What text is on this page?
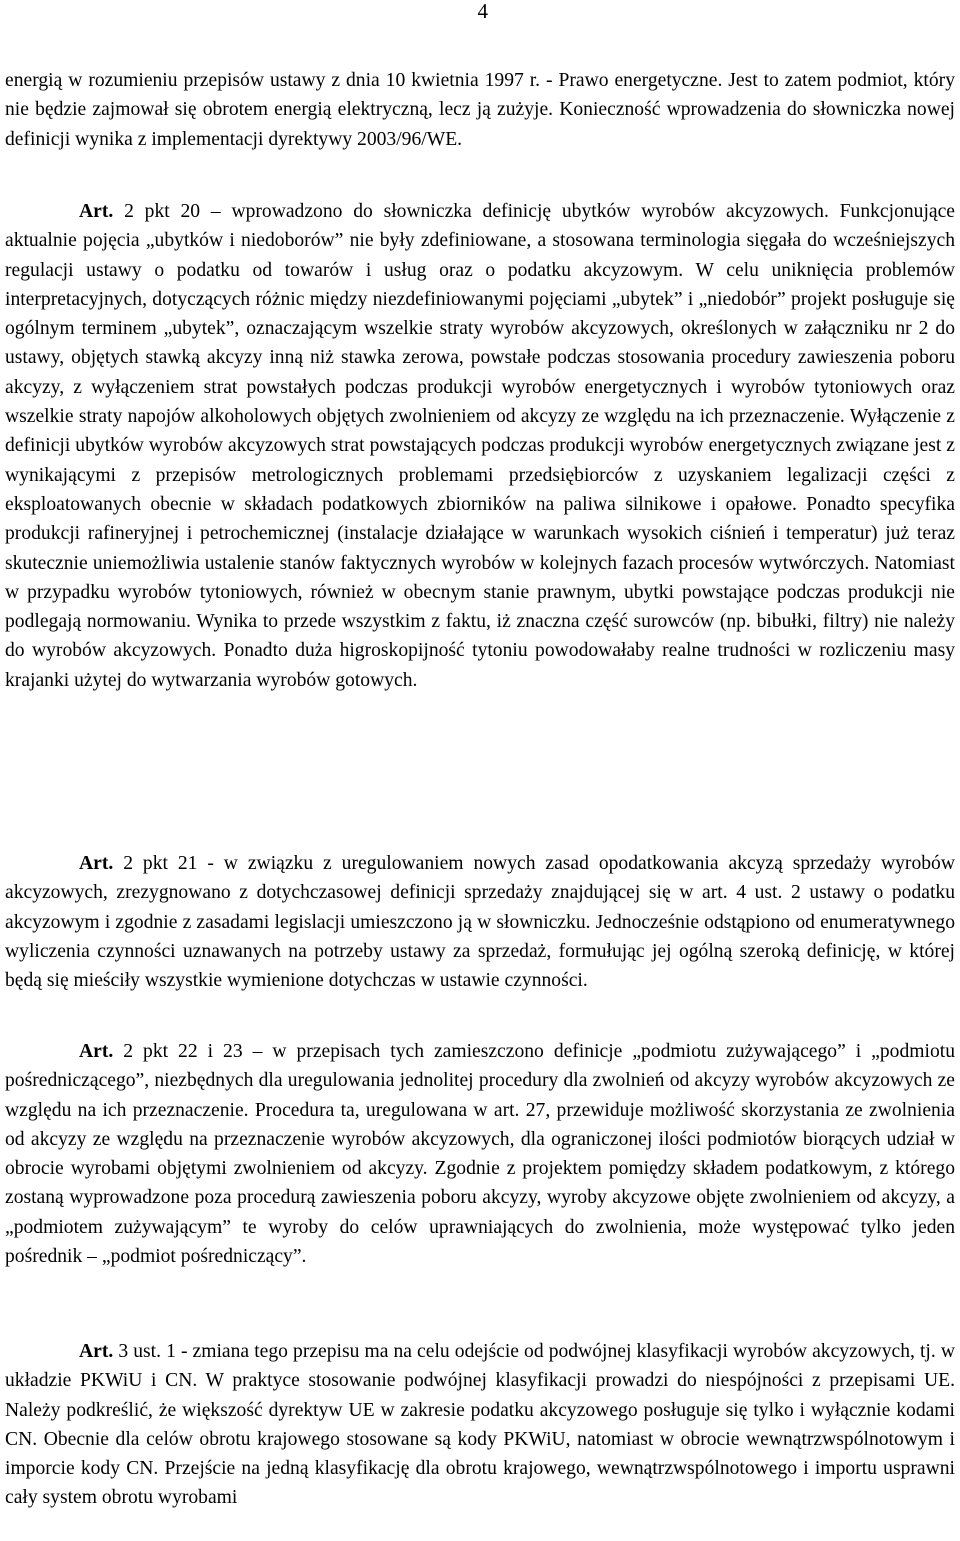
4

energią w rozumieniu przepisów ustawy z dnia 10 kwietnia 1997 r. - Prawo energetyczne. Jest to zatem podmiot, który nie będzie zajmował się obrotem energią elektryczną, lecz ją zużyje. Konieczność wprowadzenia do słowniczka nowej definicji wynika z implementacji dyrektywy 2003/96/WE.

Art. 2 pkt 20 – wprowadzono do słowniczka definicję ubytków wyrobów akcyzowych. Funkcjonujące aktualnie pojęcia „ubytków i niedoborów” nie były zdefiniowane, a stosowana terminologia sięgała do wcześniejszych regulacji ustawy o podatku od towarów i usług oraz o podatku akcyzowym. W celu uniknięcia problemów interpretacyjnych, dotyczących różnic między niezdefiniowanymi pojęciami „ubytek” i „niedobór” projekt posługuje się ogólnym terminem „ubytek”, oznaczającym wszelkie straty wyrobów akcyzowych, określonych w załączniku nr 2 do ustawy, objętych stawką akcyzy inną niż stawka zerowa, powstałe podczas stosowania procedury zawieszenia poboru akcyzy, z wyłączeniem strat powstałych podczas produkcji wyrobów energetycznych i wyrobów tytoniowych oraz wszelkie straty napojów alkoholowych objętych zwolnieniem od akcyzy ze względu na ich przeznaczenie. Wyłączenie z definicji ubytków wyrobów akcyzowych strat powstających podczas produkcji wyrobów energetycznych związane jest z wynikającymi z przepisów metrologicznych problemami przedsiębiorców z uzyskaniem legalizacji części z eksploatowanych obecnie w składach podatkowych zbiorników na paliwa silnikowe i opałowe. Ponadto specyfika produkcji rafineryjnej i petrochemicznej (instalacje działające w warunkach wysokich ciśnień i temperatur) już teraz skutecznie uniemożliwia ustalenie stanów faktycznych wyrobów w kolejnych fazach procesów wytwórczych. Natomiast w przypadku wyrobów tytoniowych, również w obecnym stanie prawnym, ubytki powstające podczas produkcji nie podlegają normowaniu. Wynika to przede wszystkim z faktu, iż znaczna część surowców (np. bibułki, filtry) nie należy do wyrobów akcyzowych. Ponadto duża higroskopijność tytoniu powodowałaby realne trudności w rozliczeniu masy krajanki użytej do wytwarzania wyrobów gotowych.

Art. 2 pkt 21 - w związku z uregulowaniem nowych zasad opodatkowania akcyzą sprzedaży wyrobów akcyzowych, zrezygnowano z dotychczasowej definicji sprzedaży znajdującej się w art. 4 ust. 2 ustawy o podatku akcyzowym i zgodnie z zasadami legislacji umieszczono ją w słowniczku. Jednocześnie odstąpiono od enumeratywnego wyliczenia czynności uznawanych na potrzeby ustawy za sprzedaż, formułując jej ogólną szeroką definicję, w której będą się mieściły wszystkie wymienione dotychczas w ustawie czynności.

Art. 2 pkt 22 i 23 – w przepisach tych zamieszczono definicje „podmiotu zużywającego” i „podmiotu pośredniczącego”, niezbędnych dla uregulowania jednolitej procedury dla zwolnień od akcyzy wyrobów akcyzowych ze względu na ich przeznaczenie. Procedura ta, uregulowana w art. 27, przewiduje możliwość skorzystania ze zwolnienia od akcyzy ze względu na przeznaczenie wyrobów akcyzowych, dla ograniczonej ilości podmiotów biorących udział w obrocie wyrobami objętymi zwolnieniem od akcyzy. Zgodnie z projektem pomiędzy składem podatkowym, z którego zostaną wyprowadzone poza procedurą zawieszenia poboru akcyzy, wyroby akcyzowe objęte zwolnieniem od akcyzy, a „podmiotem zużywającym” te wyroby do celów uprawniających do zwolnienia, może występować tylko jeden pośrednik – „podmiot pośredniczący”.

Art. 3 ust. 1 - zmiana tego przepisu ma na celu odejście od podwójnej klasyfikacji wyrobów akcyzowych, tj. w układzie PKWiU i CN. W praktyce stosowanie podwójnej klasyfikacji prowadzi do niespójności z przepisami UE. Należy podkreślić, że większość dyrektyw UE w zakresie podatku akcyzowego posługuje się tylko i wyłącznie kodami CN. Obecnie dla celów obrotu krajowego stosowane są kody PKWiU, natomiast w obrocie wewnątrzwspólnotowym i imporcie kody CN. Przejście na jedną klasyfikację dla obrotu krajowego, wewnątrzwspólnotowego i importu usprawni cały system obrotu wyrobami
